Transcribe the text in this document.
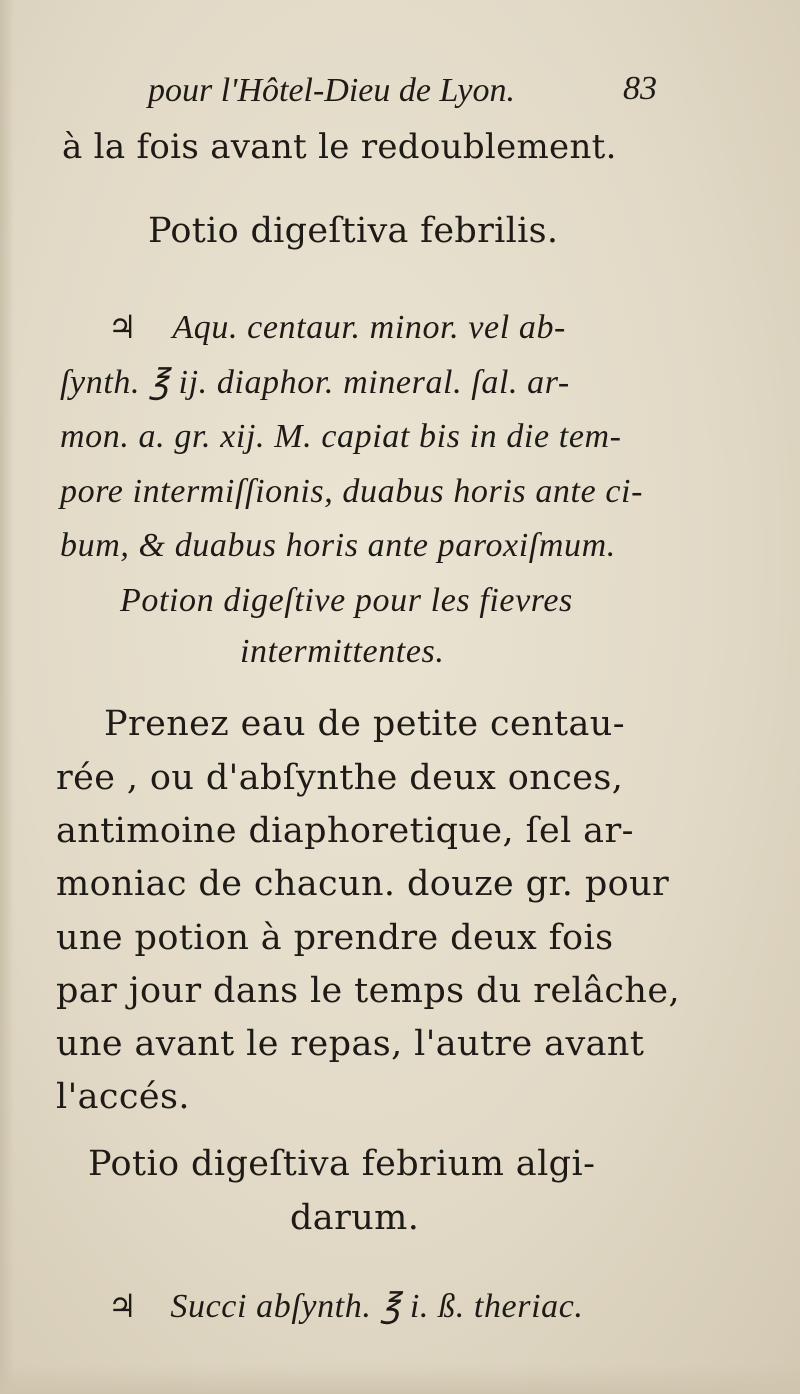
pour l'Hôtel-Dieu de Lyon.	83
à la fois avant le redoublement.
Potio digeſtiva febrilis.
♃ Aqu. centaur. minor. vel ab-
ſynth. ℥ ij. diaphor. mineral. ſal. ar-
mon. a. gr. xij. M. capiat bis in die tem-
pore intermiſſionis, duabus horis ante ci-
bum, & duabus horis ante paroxiſmum.
Potion digeſtive pour les fievres
intermittentes.
Prenez eau de petite centau-
rée , ou d'abſynthe deux onces,
antimoine diaphoretique, ſel ar-
moniac de chacun. douze gr. pour
une potion à prendre deux fois
par jour dans le temps du relâche,
une avant le repas, l'autre avant
l'accés.
Potio digeſtiva febrium algi-
darum.
♃ Succi abſynth. ℥ i. ß. theriac.
